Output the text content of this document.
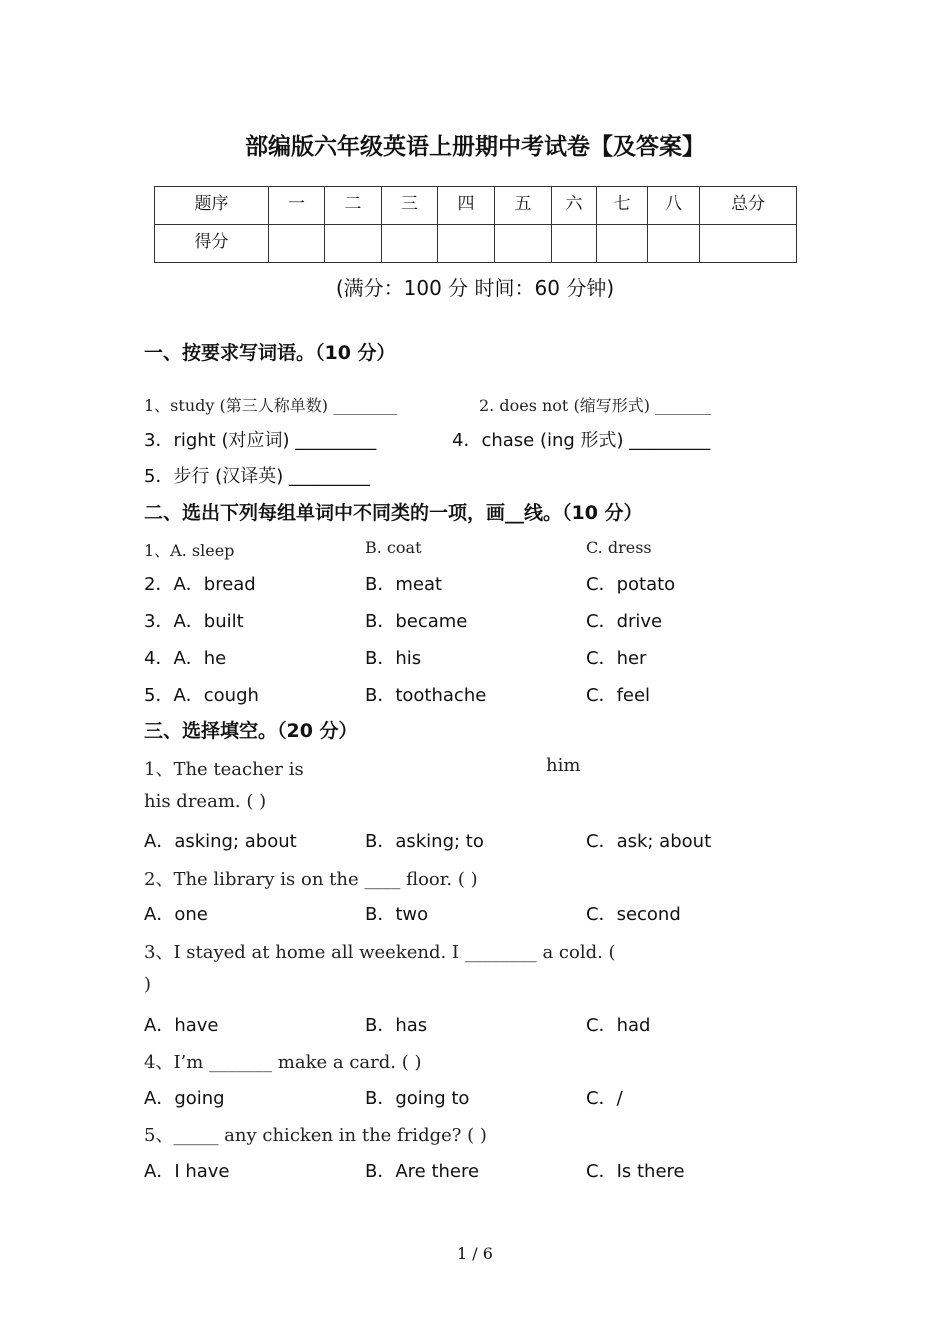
部编版六年级英语上册期中考试卷【及答案】
题序	一	二	三	四	五	六	七	八	总分
得分									
(满分：100 分 时间：60 分钟)
一、按要求写词语。（10 分）
1、study (第三人称单数) ________	2. does not (缩写形式) _______
3．right (对应词) _________	4．chase (ing 形式) _________
5．步行 (汉译英) _________
二、选出下列每组单词中不同类的一项，画__线。（10 分）
1、A. sleep	B. coat	C. dress
2．A．bread	B．meat	C．potato
3．A．built	B．became	C．drive
4．A．he	B．his	C．her
5．A．cough	B．toothache	C．feel
三、选择填空。（20 分）
1、The teacher is	him
his dream. ( )
A．asking; about	B．asking; to	C．ask; about
2、The library is on the ____ floor. ( )
A．one	B．two	C．second
3、I stayed at home all weekend. I ________ a cold. (
)
A．have	B．has	C．had
4、I’m _______ make a card. ( )
A．going	B．going to	C．/
5、_____ any chicken in the fridge? ( )
A．I have	B．Are there	C．Is there
1 / 6
